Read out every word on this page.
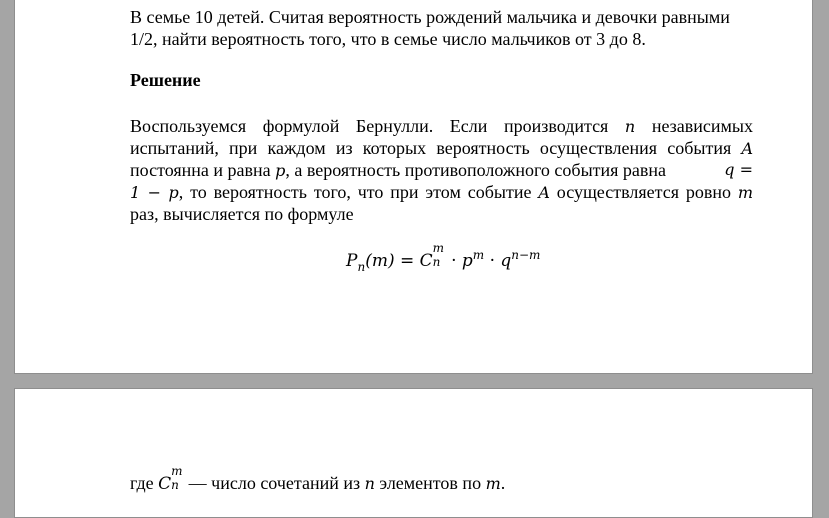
В семье 10 детей. Считая вероятность рождений мальчика и девочки равными
1/2, найти вероятность того, что в семье число мальчиков от 3 до 8.
Решение
Воспользуемся формулой Бернулли. Если производится n независимых
испытаний, при каждом из которых вероятность осуществления события A
постоянна и равна p, а вероятность противоположного события равна	q =
1 − p, то вероятность того, что при этом событие A осуществляется ровно m
раз, вычисляется по формуле
$P_n(m) = C$
m
$n \cdot p^m \cdot q^{n-m}$
где C
m
n — число сочетаний из n элементов по m.
